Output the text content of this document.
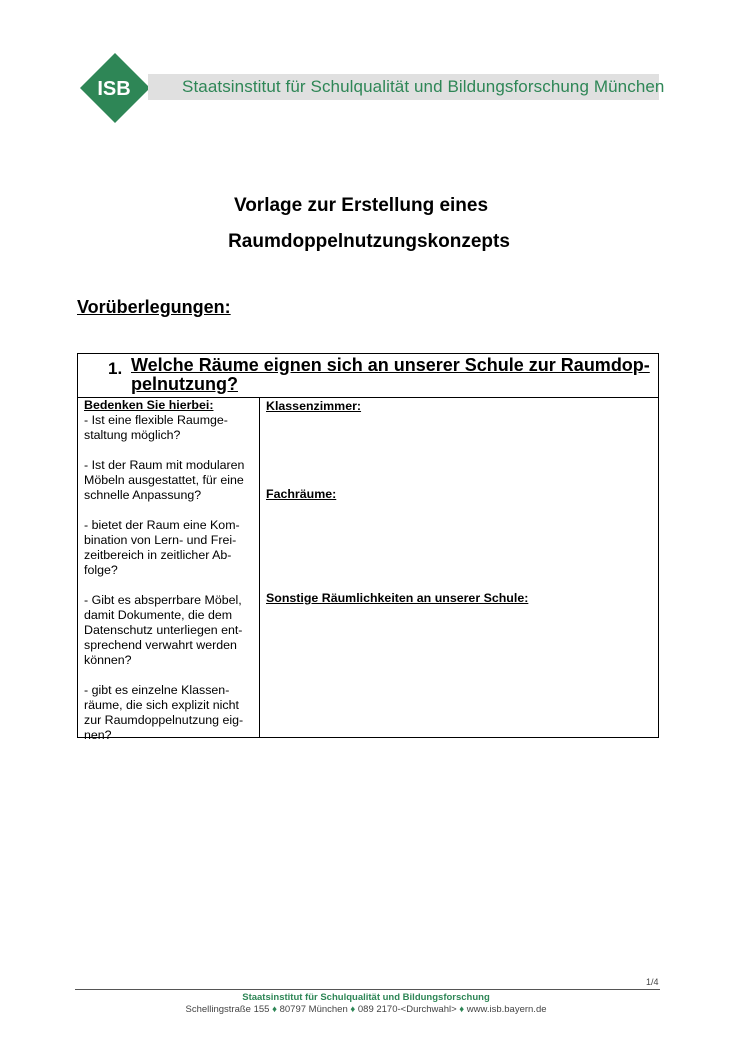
ISB	Staatsinstitut für Schulqualität und Bildungsforschung München
Vorlage zur Erstellung eines
Raumdoppelnutzungskonzepts
Vorüberlegungen:
1. Welche Räume eignen sich an unserer Schule zur Raumdop-pelnutzung?
Bedenken Sie hierbei:

- Ist eine flexible Raumge-staltung möglich?

- Ist der Raum mit modularen Möbeln ausgestattet, für eine schnelle Anpassung?

- bietet der Raum eine Kom-bination von Lern- und Frei-zeitbereich in zeitlicher Ab-folge?

- Gibt es absperrbare Möbel, damit Dokumente, die dem Datenschutz unterliegen ent-sprechend verwahrt werden können?

- gibt es einzelne Klassen-räume, die sich explizit nicht zur Raumdoppelnutzung eig-nen?

Klassenzimmer:
Fachräume:
Sonstige Räumlichkeiten an unserer Schule:
1/4
Staatsinstitut für Schulqualität und Bildungsforschung
Schellingstraße 155 ♦ 80797 München ♦ 089 2170-<Durchwahl> ♦ www.isb.bayern.de
